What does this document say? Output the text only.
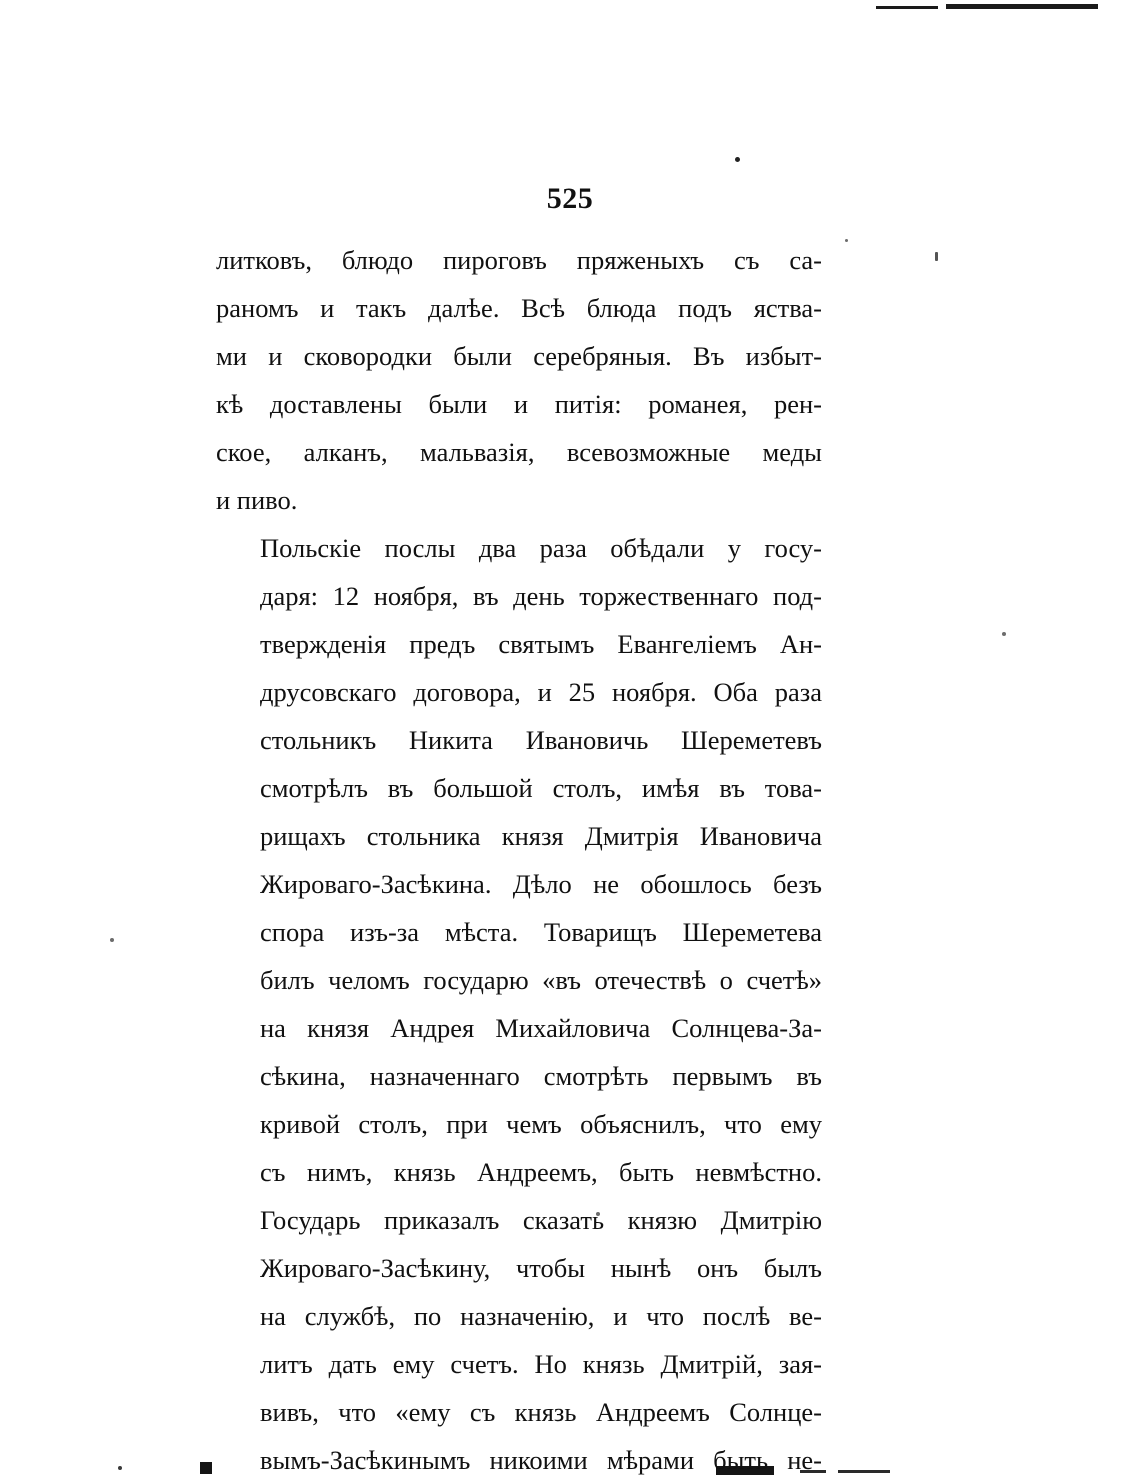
525

литковъ, блюдо пироговъ пряженыхъ съ са-
раномъ и такъ далѣе. Всѣ блюда подъ яства-
ми и сковородки были серебряныя. Въ избыт-
кѣ доставлены были и питія: романея, рен-
ское, алканъ, мальвазія, всевозможные меды
и пиво.

Польскіе послы два раза обѣдали у госу-
даря: 12 ноября, въ день торжественнаго под-
твержденія предъ святымъ Евангеліемъ Ан-
друсовскаго договора, и 25 ноября. Оба раза
стольникъ Никита Ивановичь Шереметевъ
смотрѣлъ въ большой столъ, имѣя въ това-
рищахъ стольника князя Дмитрія Ивановича
Жироваго-Засѣкина. Дѣло не обошлось безъ
спора изъ-за мѣста. Товарищъ Шереметева
билъ челомъ государю «въ отечествѣ о счетѣ»
на князя Андрея Михайловича Солнцева-За-
сѣкина, назначеннаго смотрѣть первымъ въ
кривой столъ, при чемъ объяснилъ, что ему
съ нимъ, князь Андреемъ, быть невмѣстно.
Государь приказалъ сказать князю Дмитрію
Жироваго-Засѣкину, чтобы нынѣ онъ былъ
на службѣ, по назначенію, и что послѣ ве-
литъ дать ему счетъ. Но князь Дмитрій, зая-
вивъ, что «ему съ князь Андреемъ Солнце-
вымъ-Засѣкинымъ никоими мѣрами быть не-
